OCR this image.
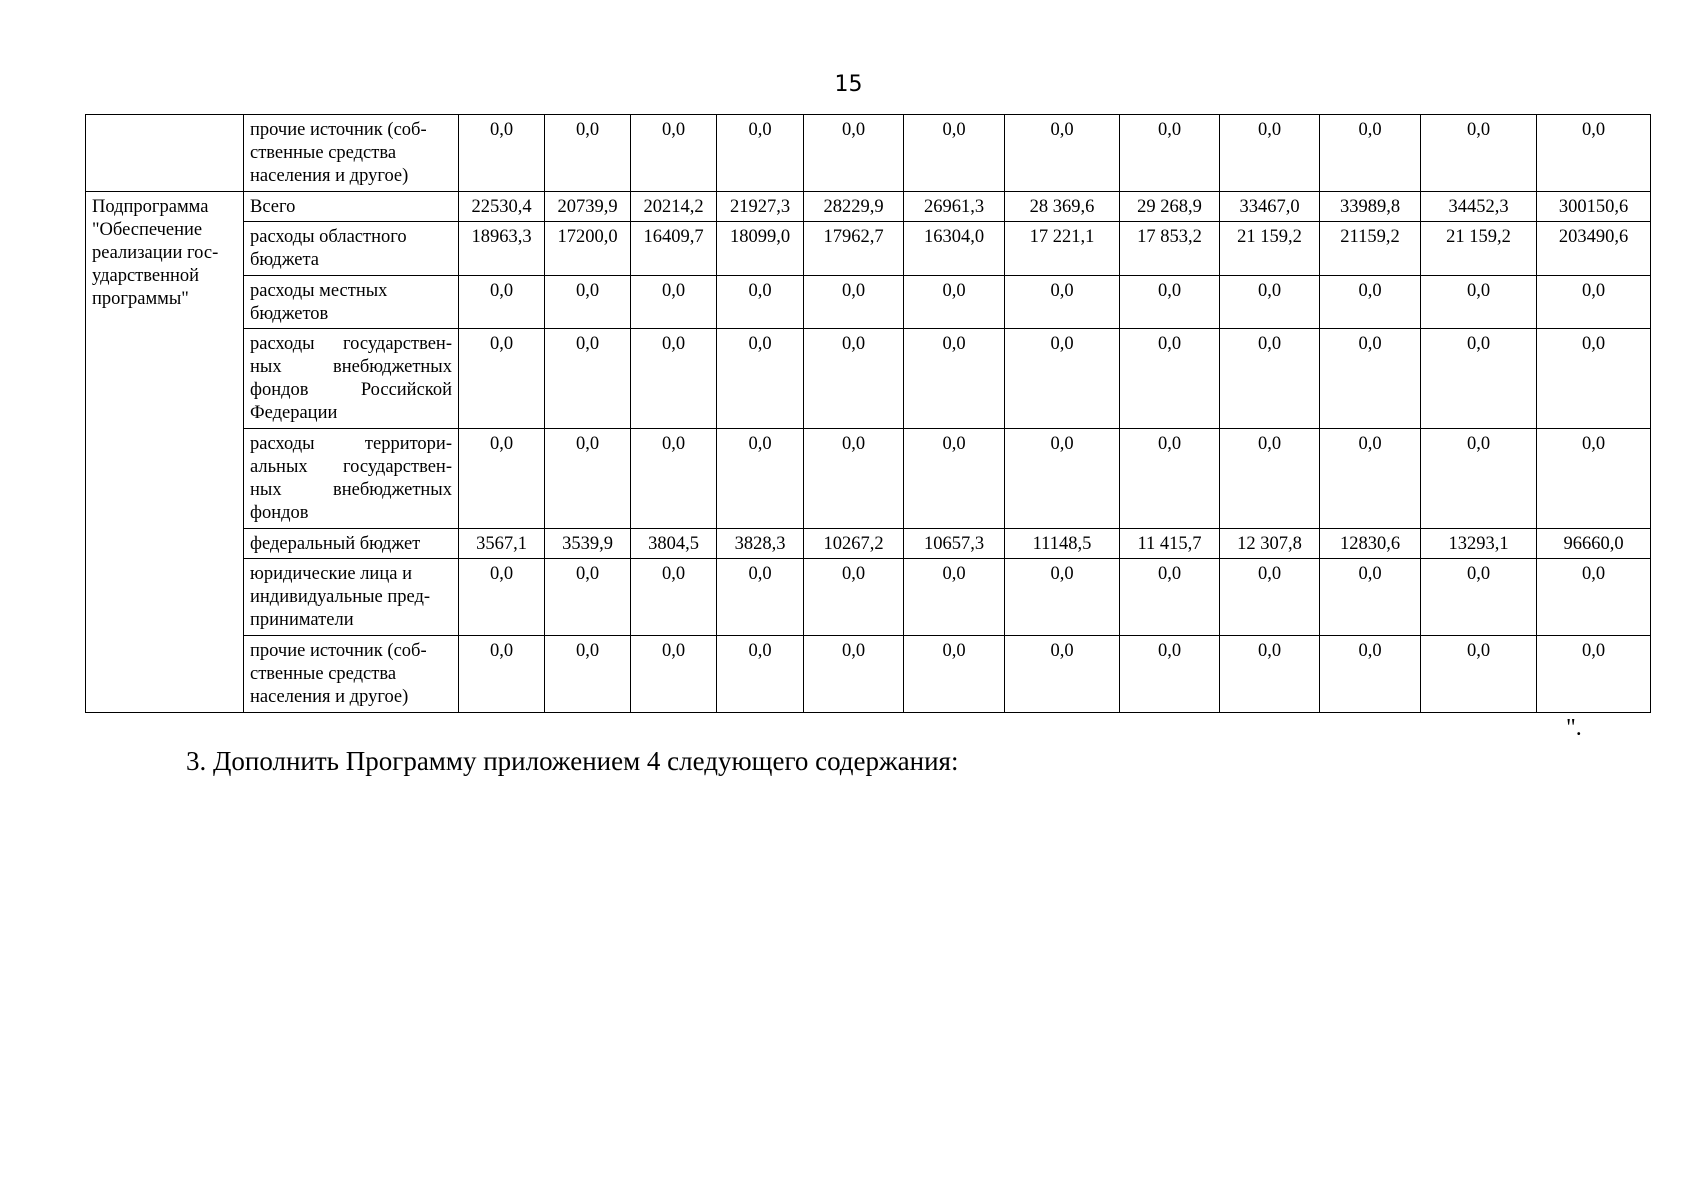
15
	прочие источник (соб-ственные средства населения и другое)	0,0	0,0	0,0	0,0	0,0	0,0	0,0	0,0	0,0	0,0	0,0	0,0
Подпрограмма "Обеспечение реализации гос-ударственной программы"	Всего	22530,4	20739,9	20214,2	21927,3	28229,9	26961,3	28 369,6	29 268,9	33467,0	33989,8	34452,3	300150,6
	расходы областного бюджета	18963,3	17200,0	16409,7	18099,0	17962,7	16304,0	17 221,1	17 853,2	21 159,2	21159,2	21 159,2	203490,6
	расходы местных бюджетов	0,0	0,0	0,0	0,0	0,0	0,0	0,0	0,0	0,0	0,0	0,0	0,0
	расходы государствен-ных внебюджетных фондов Российской Федерации	0,0	0,0	0,0	0,0	0,0	0,0	0,0	0,0	0,0	0,0	0,0	0,0
	расходы территори-альных государствен-ных внебюджетных фондов	0,0	0,0	0,0	0,0	0,0	0,0	0,0	0,0	0,0	0,0	0,0	0,0
	федеральный бюджет	3567,1	3539,9	3804,5	3828,3	10267,2	10657,3	11148,5	11 415,7	12 307,8	12830,6	13293,1	96660,0
	юридические лица и индивидуальные пред-приниматели	0,0	0,0	0,0	0,0	0,0	0,0	0,0	0,0	0,0	0,0	0,0	0,0
	прочие источник (соб-ственные средства населения и другое)	0,0	0,0	0,0	0,0	0,0	0,0	0,0	0,0	0,0	0,0	0,0	0,0
".
3. Дополнить Программу приложением 4 следующего содержания:
